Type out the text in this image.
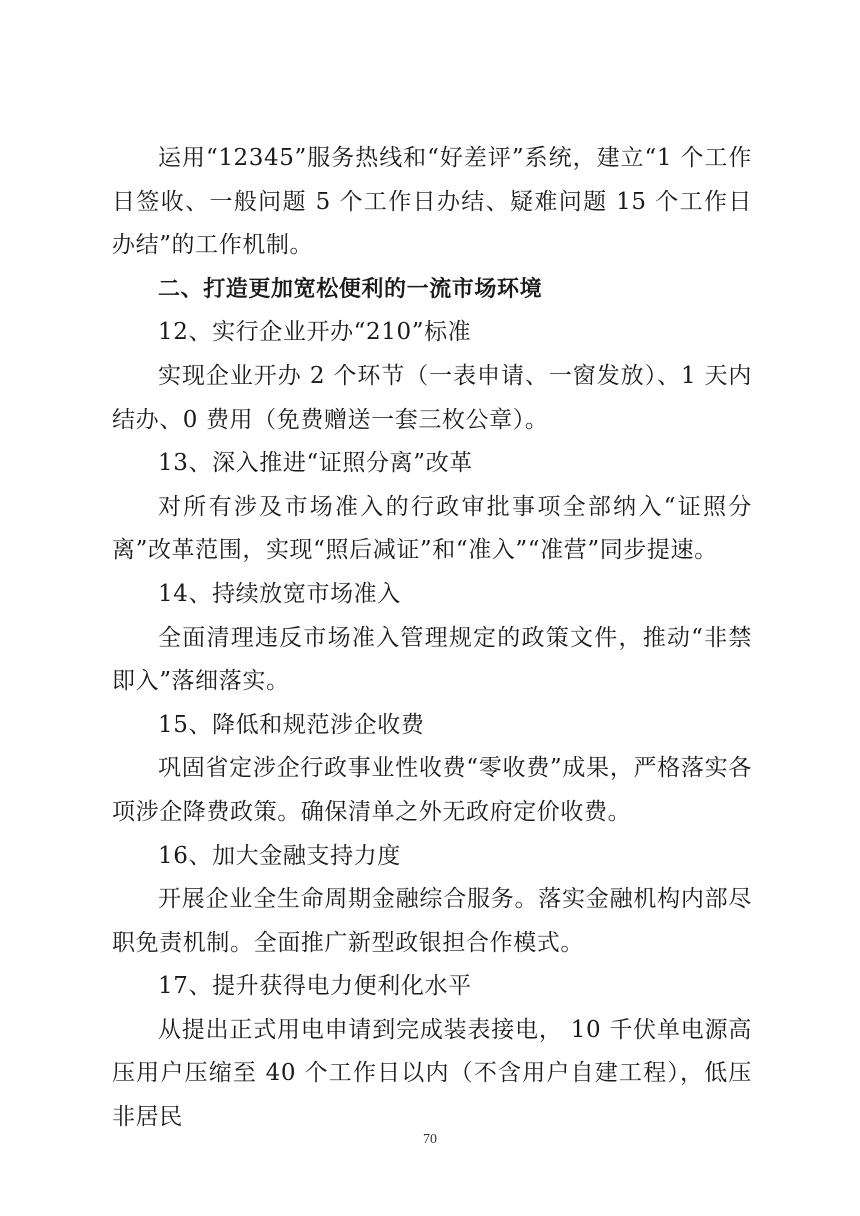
运用“12345”服务热线和“好差评”系统，建立“1 个工作日签收、一般问题 5 个工作日办结、疑难问题 15 个工作日办结”的工作机制。

二、打造更加宽松便利的一流市场环境

12、实行企业开办“210”标准

实现企业开办 2 个环节（一表申请、一窗发放）、1 天内结办、0 费用（免费赠送一套三枚公章）。

13、深入推进“证照分离”改革

对所有涉及市场准入的行政审批事项全部纳入“证照分离”改革范围，实现“照后减证”和“准入”“准营”同步提速。

14、持续放宽市场准入

全面清理违反市场准入管理规定的政策文件，推动“非禁即入”落细落实。

15、降低和规范涉企收费

巩固省定涉企行政事业性收费“零收费”成果，严格落实各项涉企降费政策。确保清单之外无政府定价收费。

16、加大金融支持力度

开展企业全生命周期金融综合服务。落实金融机构内部尽职免责机制。全面推广新型政银担合作模式。

17、提升获得电力便利化水平

从提出正式用电申请到完成装表接电， 10 千伏单电源高压用户压缩至 40 个工作日以内（不含用户自建工程），低压非居民

70
